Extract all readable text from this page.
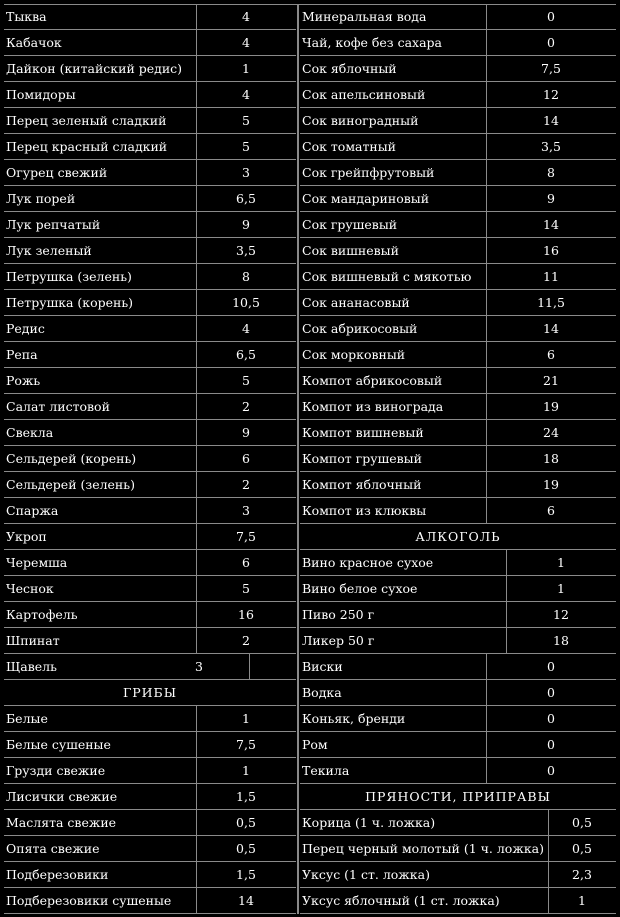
Тыква	4
Кабачок	4
Дайкон (китайский редис)	1
Помидоры	4
Перец зеленый сладкий	5
Перец красный сладкий	5
Огурец свежий	3
Лук порей	6,5
Лук репчатый	9
Лук зеленый	3,5
Петрушка (зелень)	8
Петрушка (корень)	10,5
Редис	4
Репа	6,5
Рожь	5
Салат листовой	2
Свекла	9
Сельдерей (корень)	6
Сельдерей (зелень)	2
Спаржа	3
Укроп	7,5
Черемша	6
Чеснок	5
Картофель	16
Шпинат	2
Щавель	3
ГРИБЫ
Белые	1
Белые сушеные	7,5
Грузди свежие	1
Лисички свежие	1,5
Маслята свежие	0,5
Опята свежие	0,5
Подберезовики	1,5
Подберезовики сушеные	14
Минеральная вода	0
Чай, кофе без сахара	0
Сок яблочный	7,5
Сок апельсиновый	12
Сок виноградный	14
Сок томатный	3,5
Сок грейпфрутовый	8
Сок мандариновый	9
Сок грушевый	14
Сок вишневый	16
Сок вишневый с мякотью	11
Сок ананасовый	11,5
Сок абрикосовый	14
Сок морковный	6
Компот абрикосовый	21
Компот из винограда	19
Компот вишневый	24
Компот грушевый	18
Компот яблочный	19
Компот из клюквы	6
АЛКОГОЛЬ
Вино красное сухое	1
Вино белое сухое	1
Пиво 250 г	12
Ликер 50 г	18
Виски	0
Водка	0
Коньяк, бренди	0
Ром	0
Текила	0
ПРЯНОСТИ, ПРИПРАВЫ
Корица (1 ч. ложка)	0,5
Перец черный молотый (1 ч. ложка)	0,5
Уксус (1 ст. ложка)	2,3
Уксус яблочный (1 ст. ложка)	1
